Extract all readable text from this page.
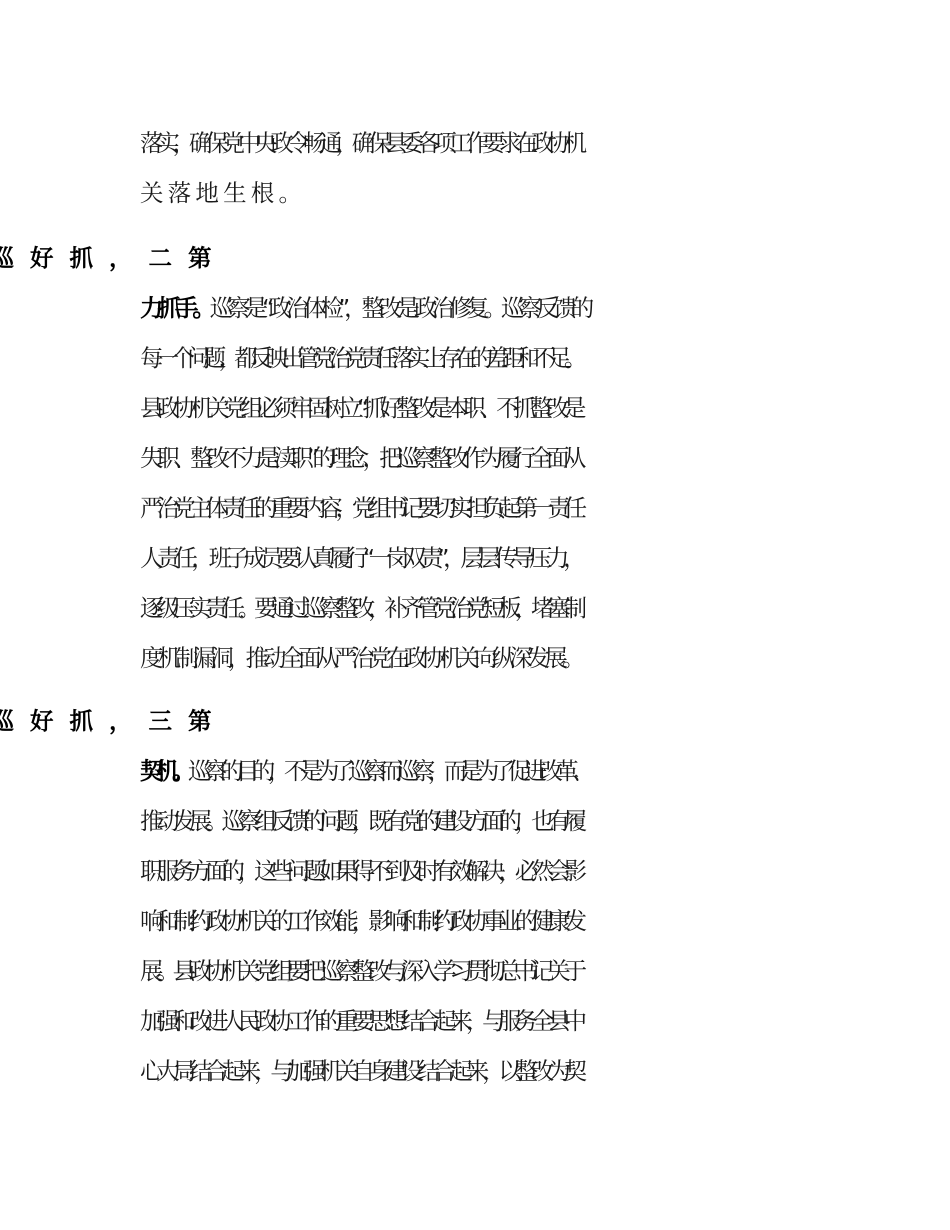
落实，确保党中央政令畅通，确保县委各项工作要求在政协机
关落地生根。
力抓手。巡察是“政治体检”，整改是政治修复。巡察反馈的
每一个问题，都反映出管党治党责任落实上存在的差距和不足。
县政协机关党组必须牢固树立“抓好整改是本职、不抓整改是
失职、整改不力是渎职”的理念，把巡察整改作为履行全面从
严治党主体责任的重要内容，党组书记要切实担负起第一责任
人责任，班子成员要认真履行“一岗双责”，层层传导压力，
逐级压实责任。要通过巡察整改，补齐管党治党短板，堵塞制
度机制漏洞，推动全面从严治党在政协机关向纵深发展。
契机。巡察的目的，不是为了巡察而巡察，而是为了促进改革、
推动发展。巡察组反馈的问题，既有党的建设方面的，也有履
职服务方面的，这些问题如果得不到及时有效解决，必然会影
响和制约政协机关的工作效能，影响和制约政协事业的健康发
展。县政协机关党组要把巡察整改与深入学习贯彻总书记关于
加强和改进人民政协工作的重要思想结合起来，与服务全县中
心大局结合起来，与加强机关自身建设结合起来，以整改为契
